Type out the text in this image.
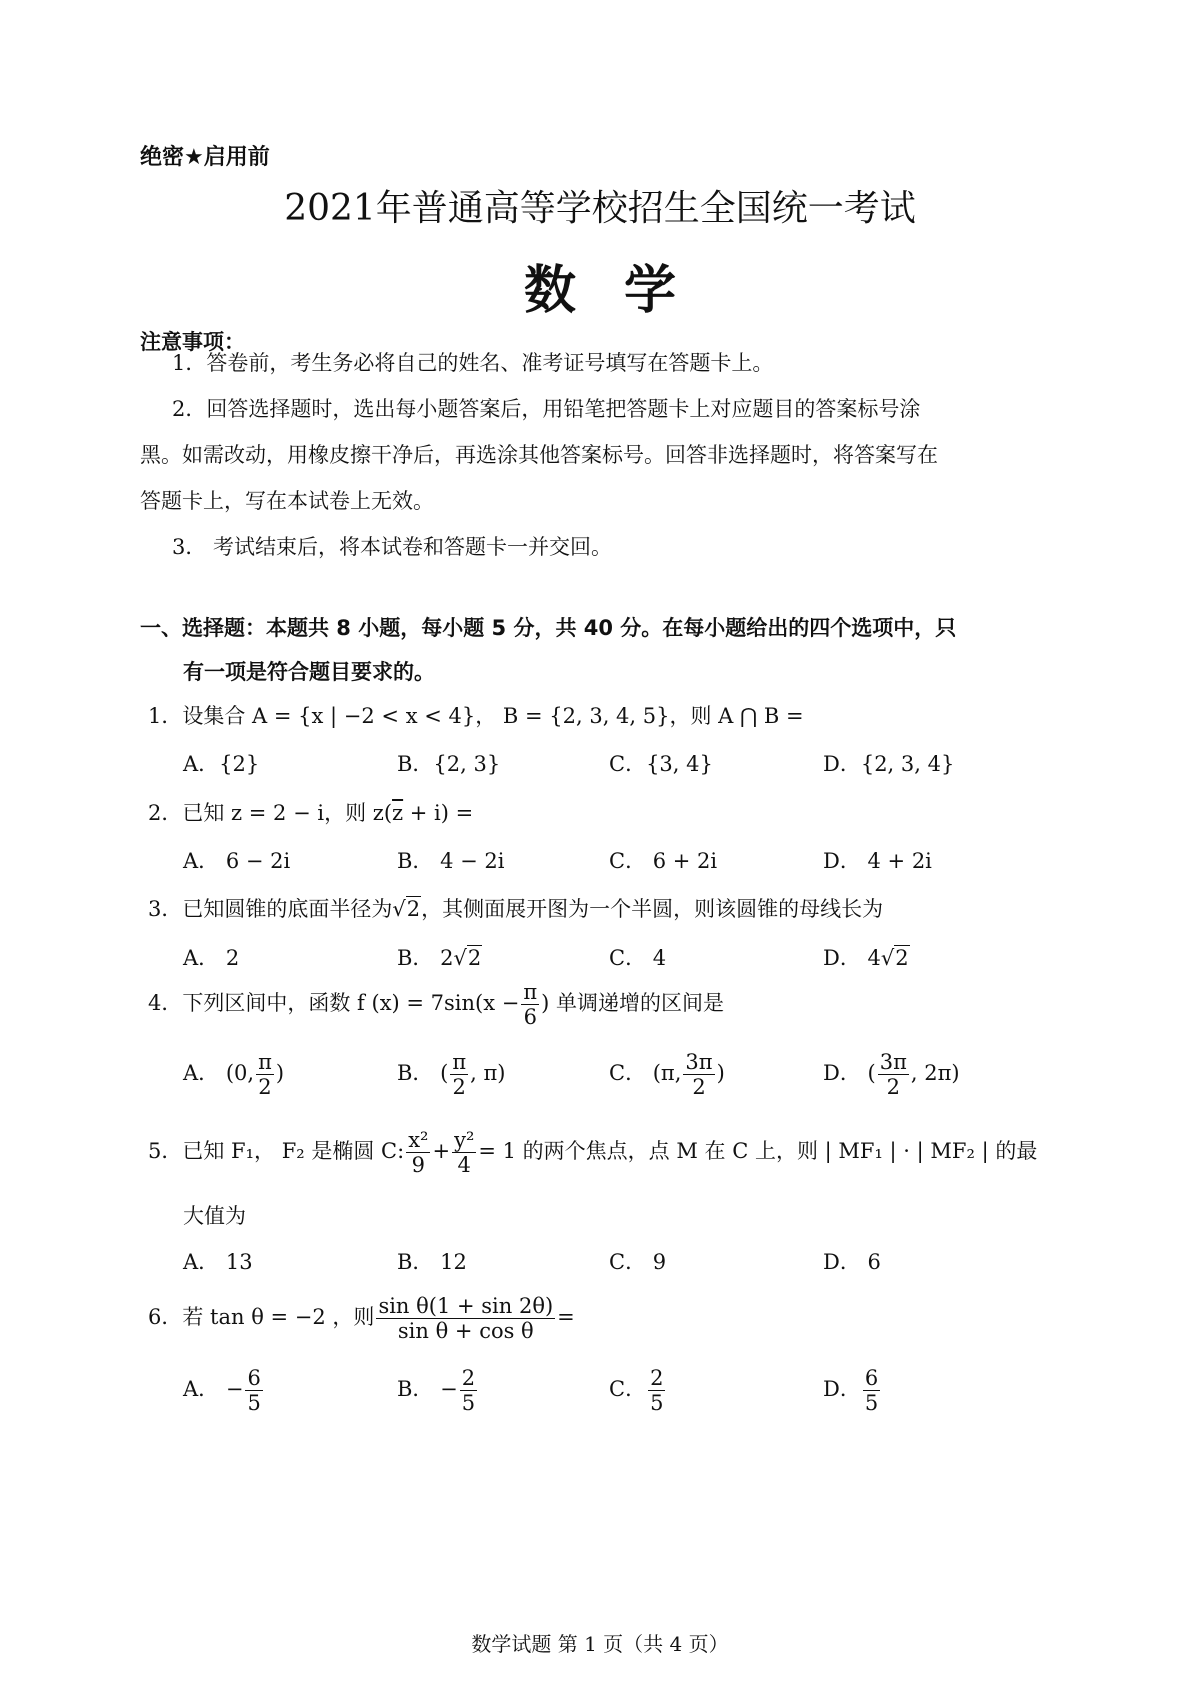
绝密★启用前
2021年普通高等学校招生全国统一考试
数学
注意事项：
1．答卷前，考生务必将自己的姓名、准考证号填写在答题卡上。
2．回答选择题时，选出每小题答案后，用铅笔把答题卡上对应题目的答案标号涂
黑。如需改动，用橡皮擦干净后，再选涂其他答案标号。回答非选择题时，将答案写在
答题卡上，写在本试卷上无效。
3． 考试结束后，将本试卷和答题卡一并交回。
一、选择题：本题共 8 小题，每小题 5 分，共 40 分。在每小题给出的四个选项中，只
有一项是符合题目要求的。
1．设集合 A = {x | −2 < x < 4}， B = {2, 3, 4, 5}，则 A ⋂ B =
A．{2}	B．{2, 3}	C．{3, 4}	D．{2, 3, 4}
2．已知 z = 2 − i，则 $z(\overline{z} + i)$ =
A． 6 − 2i	B． 4 − 2i	C． 6 + 2i	D． 4 + 2i
3．已知圆锥的底面半径为√2，其侧面展开图为一个半圆，则该圆锥的母线长为
A． 2	B． 2√2	C． 4	D． 4√2
4．下列区间中，函数 f $(x) = 7\sin(x - \frac{\pi}{6}$ ) 单调递增的区间是
A． (0, $\frac{\pi}{2}$ )	B． ( $\frac{\pi}{2}$ , π)	C． (π, $\frac{3\pi}{2}$ )	D． ( $\frac{3\pi}{2}$ , 2π)
5．已知 F₁， F₂ 是椭圆 C: $\frac{\text{x²}}{9} + \frac{\text{y²}}{4} = 1$ 的两个焦点，点 M 在 C 上，则 | MF₁ | · | MF₂ | 的最
大值为
A． 13	B． 12	C． 9	D． 6
6．若 tan θ = −2 ，则 $\frac{\text{sin θ(1 + sin 2θ)}}{\text{sin θ + cos θ}}$ =
A． − $\frac{6}{5}$	B． − $\frac{2}{5}$	C． $\frac{2}{5}$	D． $\frac{6}{5}$
数学试题 第 1 页（共 4 页）
